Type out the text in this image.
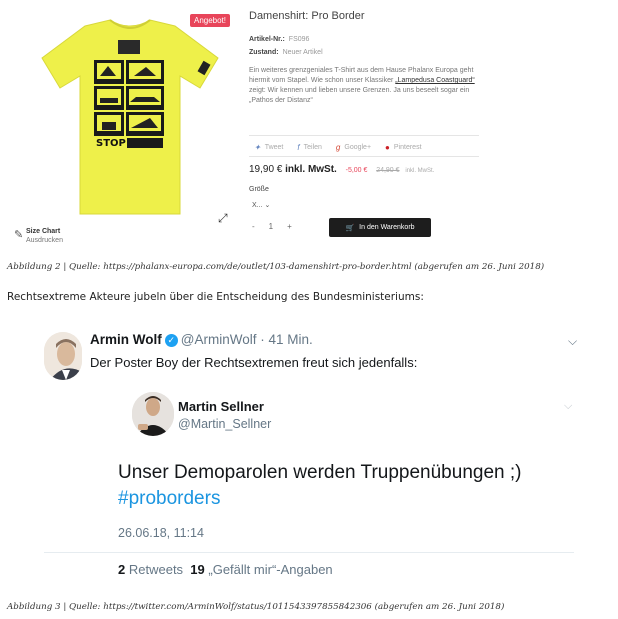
STOP
Angebot!
⤢
✎ Size Chart
Ausdrucken
Damenshirt: Pro Border
Artikel-Nr.: FS096
Zustand: Neuer Artikel
Ein weiteres grenzgeniales T-Shirt aus dem Hause Phalanx Europa geht hiermit vom Stapel. Wie schon unser Klassiker „Lampedusa Coastguard“ zeigt: Wir kennen und lieben unsere Grenzen. Ja uns beseelt sogar ein „Pathos der Distanz“
✦ Tweet f Teilen g Google+ ● Pinterest
19,90 € inkl. MwSt. -5,00 € 24,90 € inkl. MwSt.
Größe
X... ⌄
- 1 +	🛒 In den Warenkorb
Abbildung 2 | Quelle: https://phalanx-europa.com/de/outlet/103-damenshirt-pro-border.html (abgerufen am 26. Juni 2018)
Rechtsextreme Akteure jubeln über die Entscheidung des Bundesministeriums:
Armin Wolf ✓ @ArminWolf · 41 Min.	⌵
Der Poster Boy der Rechtsextremen freut sich jedenfalls:
Martin Sellner
@Martin_Sellner
⌵
Unser Demoparolen werden Truppenübungen ;)
#proborders
26.06.18, 11:14
2 Retweets 19 „Gefällt mir“-Angaben
Abbildung 3 | Quelle: https://twitter.com/ArminWolf/status/1011543397855842306 (abgerufen am 26. Juni 2018)
